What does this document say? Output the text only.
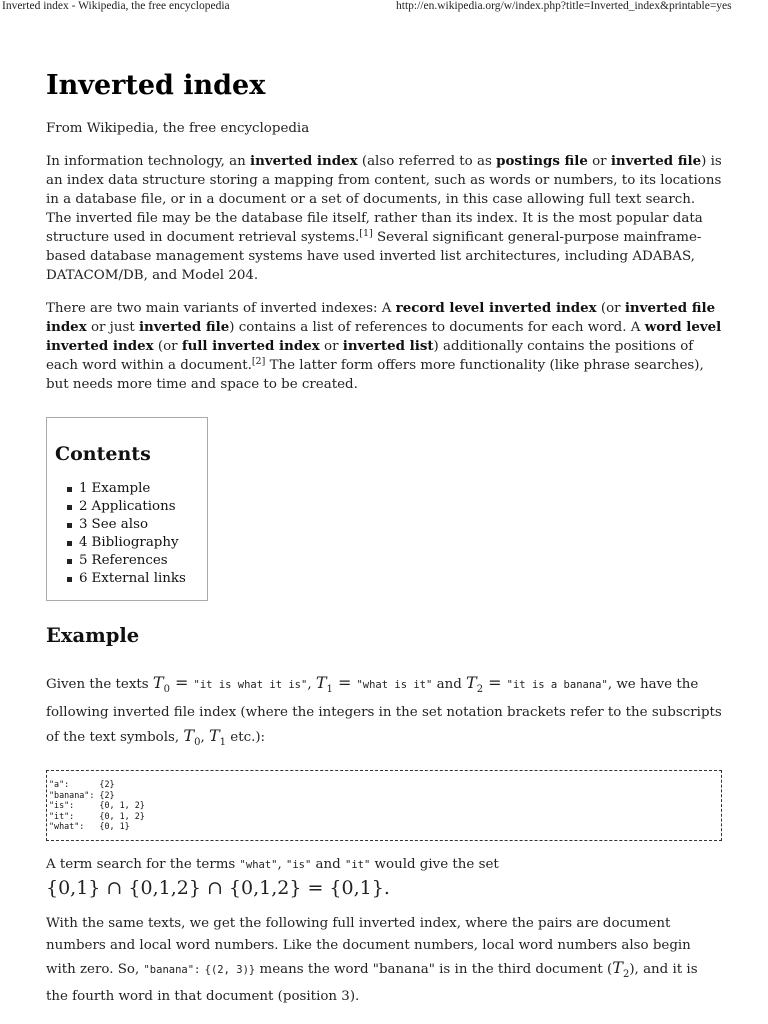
Inverted index - Wikipedia, the free encyclopedia	http://en.wikipedia.org/w/index.php?title=Inverted_index&printable=yes
Inverted index
From Wikipedia, the free encyclopedia

In information technology, an inverted index (also referred to as postings file or inverted file) is an index data structure storing a mapping from content, such as words or numbers, to its locations in a database file, or in a document or a set of documents, in this case allowing full text search. The inverted file may be the database file itself, rather than its index. It is the most popular data structure used in document retrieval systems.[1] Several significant general-purpose mainframe-based database management systems have used inverted list architectures, including ADABAS, DATACOM/DB, and Model 204.

There are two main variants of inverted indexes: A record level inverted index (or inverted file index or just inverted file) contains a list of references to documents for each word. A word level inverted index (or full inverted index or inverted list) additionally contains the positions of each word within a document.[2] The latter form offers more functionality (like phrase searches), but needs more time and space to be created.

Contents
1 Example
2 Applications
3 See also
4 Bibliography
5 References
6 External links
Example

Given the texts $T_0$ = "it is what it is", $T_1$ = "what is it" and $T_2$ = "it is a banana", we have the following inverted file index (where the integers in the set notation brackets refer to the subscripts of the text symbols, $T_0$, $T_1$ etc.):

"a":      {2}
"banana": {2}
"is":     {0, 1, 2}
"it":     {0, 1, 2}
"what":   {0, 1}

A term search for the terms "what", "is" and "it" would give the set
{0,1} ∩ {0,1,2} ∩ {0,1,2} = {0,1}.

With the same texts, we get the following full inverted index, where the pairs are document numbers and local word numbers. Like the document numbers, local word numbers also begin with zero. So, "banana": {(2, 3)} means the word "banana" is in the third document $(T_2)$, and it is the fourth word in that document (position 3).
